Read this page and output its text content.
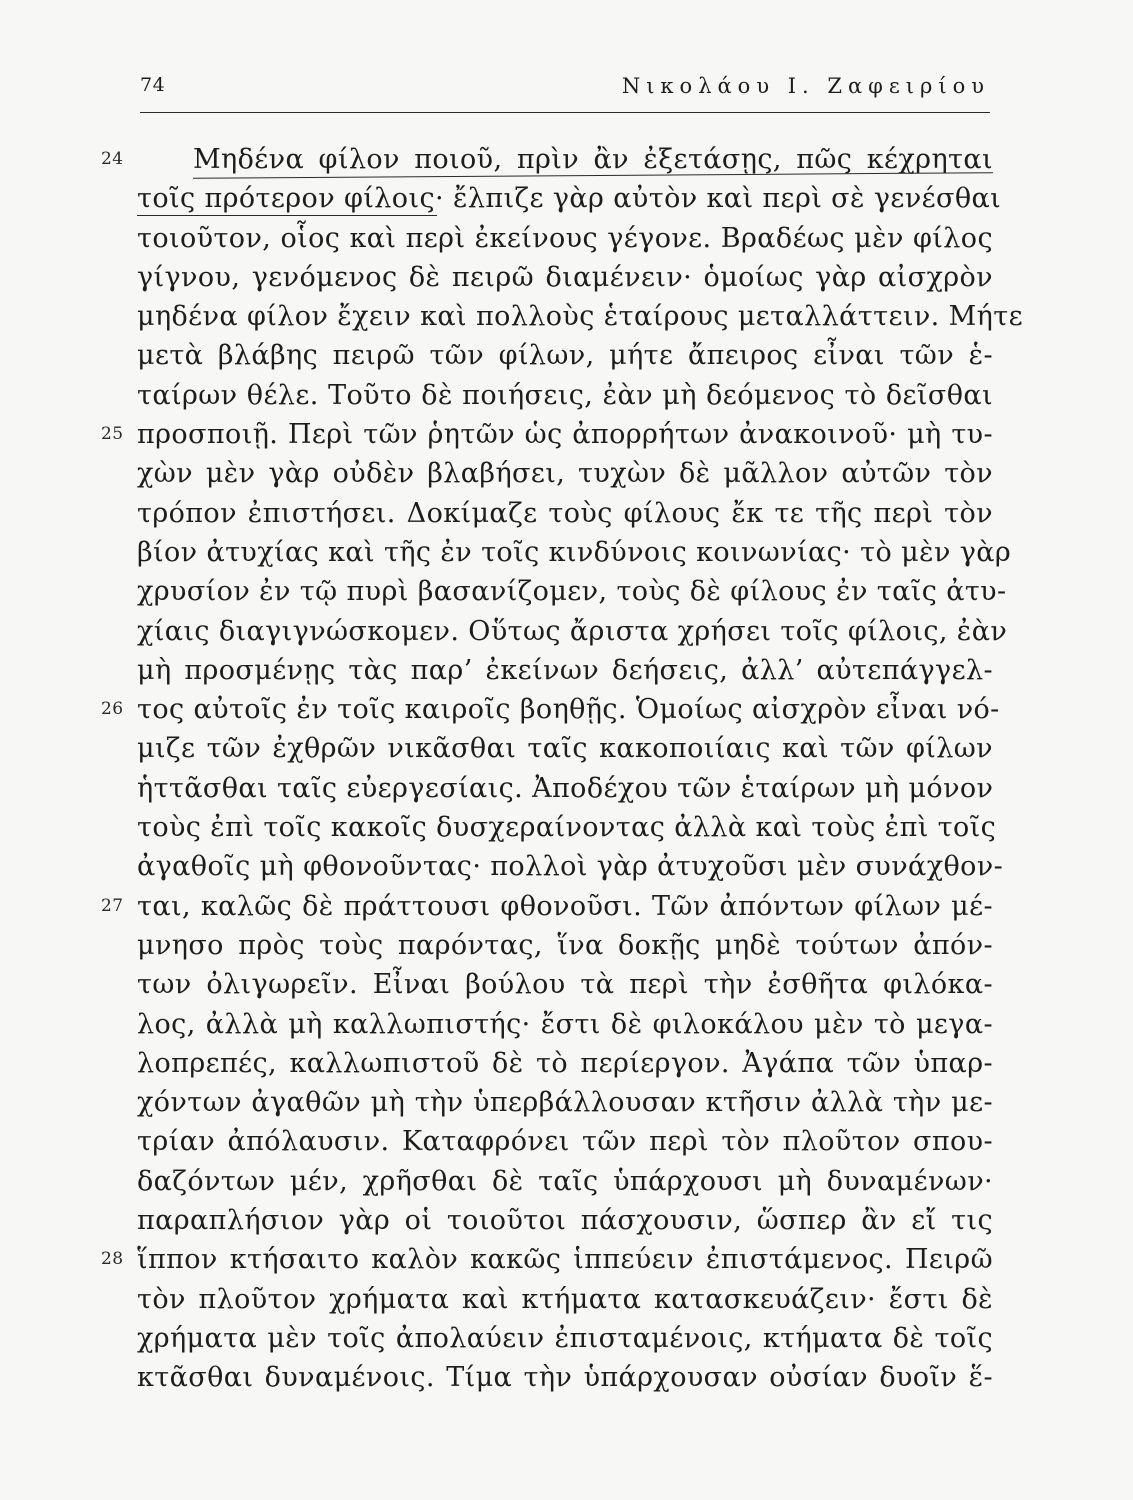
74	Νικολάου Ι. Ζαφειρίου
Μηδένα φίλον ποιοῦ, πρὶν ἂν ἐξετάσῃς, πῶς κέχρηται
24
τοῖς πρότερον φίλοις· ἔλπιζε γὰρ αὐτὸν καὶ περὶ σὲ γενέσθαι
τοιοῦτον, οἷος καὶ περὶ ἐκείνους γέγονε. Βραδέως μὲν φίλος
γίγνου, γενόμενος δὲ πειρῶ διαμένειν· ὁμοίως γὰρ αἰσχρὸν
μηδένα φίλον ἔχειν καὶ πολλοὺς ἑταίρους μεταλλάττειν. Μήτε
μετὰ βλάβης πειρῶ τῶν φίλων, μήτε ἄπειρος εἶναι τῶν ἑ-
ταίρων θέλε. Τοῦτο δὲ ποιήσεις, ἐὰν μὴ δεόμενος τὸ δεῖσθαι
προσποιῇ. Περὶ τῶν ῥητῶν ὡς ἀπορρήτων ἀνακοινοῦ· μὴ τυ-
25
χὼν μὲν γὰρ οὐδὲν βλαβήσει, τυχὼν δὲ μᾶλλον αὐτῶν τὸν
τρόπον ἐπιστήσει. Δοκίμαζε τοὺς φίλους ἔκ τε τῆς περὶ τὸν
βίον ἀτυχίας καὶ τῆς ἐν τοῖς κινδύνοις κοινωνίας· τὸ μὲν γὰρ
χρυσίον ἐν τῷ πυρὶ βασανίζομεν, τοὺς δὲ φίλους ἐν ταῖς ἀτυ-
χίαις διαγιγνώσκομεν. Οὕτως ἄριστα χρήσει τοῖς φίλοις, ἐὰν
μὴ προσμένῃς τὰς παρ’ ἐκείνων δεήσεις, ἀλλ’ αὐτεπάγγελ-
τος αὐτοῖς ἐν τοῖς καιροῖς βοηθῇς. Ὁμοίως αἰσχρὸν εἶναι νό-
26
μιζε τῶν ἐχθρῶν νικᾶσθαι ταῖς κακοποιίαις καὶ τῶν φίλων
ἡττᾶσθαι ταῖς εὐεργεσίαις. Ἀποδέχου τῶν ἑταίρων μὴ μόνον
τοὺς ἐπὶ τοῖς κακοῖς δυσχεραίνοντας ἀλλὰ καὶ τοὺς ἐπὶ τοῖς
ἀγαθοῖς μὴ φθονοῦντας· πολλοὶ γὰρ ἀτυχοῦσι μὲν συνάχθον-
ται, καλῶς δὲ πράττουσι φθονοῦσι. Τῶν ἀπόντων φίλων μέ-
27
μνησο πρὸς τοὺς παρόντας, ἵνα δοκῇς μηδὲ τούτων ἀπόν-
των ὀλιγωρεῖν. Εἶναι βούλου τὰ περὶ τὴν ἐσθῆτα φιλόκα-
λος, ἀλλὰ μὴ καλλωπιστής· ἔστι δὲ φιλοκάλου μὲν τὸ μεγα-
λοπρεπές, καλλωπιστοῦ δὲ τὸ περίεργον. Ἀγάπα τῶν ὑπαρ-
χόντων ἀγαθῶν μὴ τὴν ὑπερβάλλουσαν κτῆσιν ἀλλὰ τὴν με-
τρίαν ἀπόλαυσιν. Καταφρόνει τῶν περὶ τὸν πλοῦτον σπου-
δαζόντων μέν, χρῆσθαι δὲ ταῖς ὑπάρχουσι μὴ δυναμένων·
παραπλήσιον γὰρ οἱ τοιοῦτοι πάσχουσιν, ὥσπερ ἂν εἴ τις
ἵππον κτήσαιτο καλὸν κακῶς ἱππεύειν ἐπιστάμενος. Πειρῶ
28
τὸν πλοῦτον χρήματα καὶ κτήματα κατασκευάζειν· ἔστι δὲ
χρήματα μὲν τοῖς ἀπολαύειν ἐπισταμένοις, κτήματα δὲ τοῖς
κτᾶσθαι δυναμένοις. Τίμα τὴν ὑπάρχουσαν οὐσίαν δυοῖν ἕ-
